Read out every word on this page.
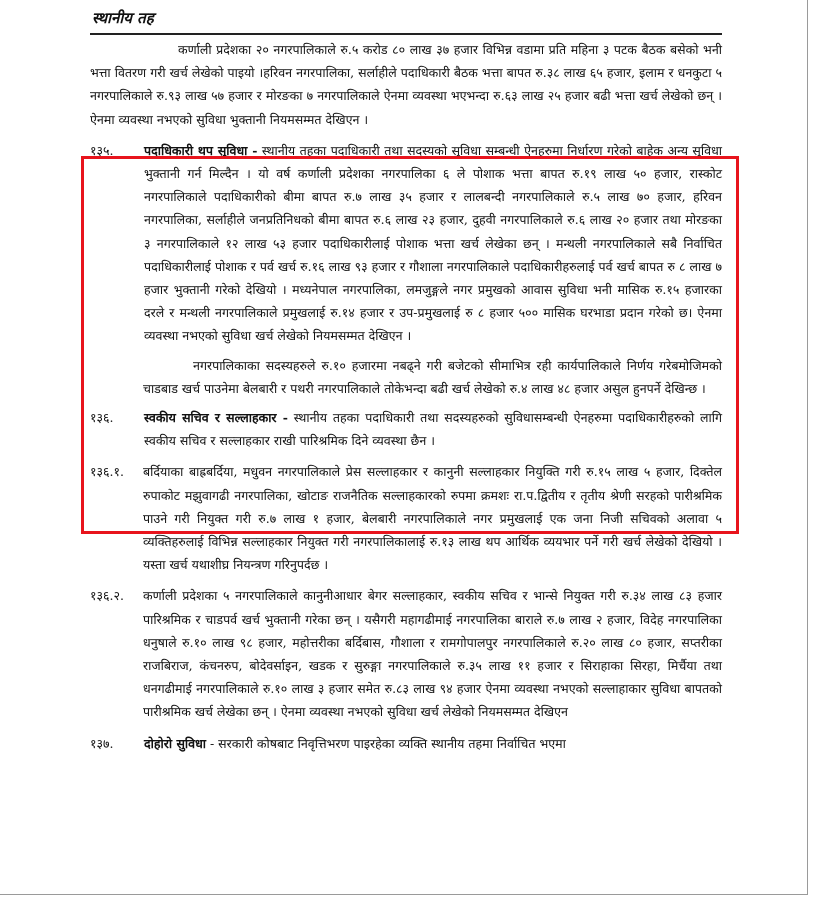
स्थानीय तह

कर्णाली प्रदेशका २० नगरपालिकाले रु.५ करोड ८० लाख ३७ हजार विभिन्न वडामा प्रति महिना ३ पटक बैठक बसेको भनी भत्ता वितरण गरी खर्च लेखेको पाइयो ।हरिवन नगरपालिका, सर्लाहीले पदाधिकारी बैठक भत्ता बापत रु.३८ लाख ६५ हजार, इलाम र धनकुटा ५ नगरपालिकाले रु.९३ लाख ५७ हजार र मोरङका ७ नगरपालिकाले ऐनमा व्यवस्था भएभन्दा रु.६३ लाख २५ हजार बढी भत्ता खर्च लेखेको छन् । ऐनमा व्यवस्था नभएको सुविधा भुक्तानी नियमसम्मत देखिएन ।

१३५.	पदाधिकारी थप सुविधा - स्थानीय तहका पदाधिकारी तथा सदस्यको सुविधा सम्बन्धी ऐनहरुमा निर्धारण गरेको बाहेक अन्य सुविधा भुक्तानी गर्न मिल्दैन । यो वर्ष कर्णाली प्रदेशका नगरपालिका ६ ले पोशाक भत्ता बापत रु.१९ लाख ५० हजार, रास्कोट नगरपालिकाले पदाधिकारीको बीमा बापत रु.७ लाख ३५ हजार र लालबन्दी नगरपालिकाले रु.५ लाख ७० हजार, हरिवन नगरपालिका, सर्लाहीले जनप्रतिनिधको बीमा बापत रु.६ लाख २३ हजार, दुहवी नगरपालिकाले रु.६ लाख २० हजार तथा मोरङका ३ नगरपालिकाले १२ लाख ५३ हजार पदाधिकारीलाई पोशाक भत्ता खर्च लेखेका छन् । मन्थली नगरपालिकाले सबै निर्वाचित पदाधिकारीलाई पोशाक र पर्व खर्च रु.१६ लाख ९३ हजार र गौशाला नगरपालिकाले पदाधिकारीहरुलाई पर्व खर्च बापत रु ८ लाख ७ हजार भुक्तानी गरेको देखियो । मध्यनेपाल नगरपालिका, लमजुङ्गले नगर प्रमुखको आवास सुविधा भनी मासिक रु.१५ हजारका दरले र मन्थली नगरपालिकाले प्रमुखलाई रु.१४ हजार र उप-प्रमुखलाई रु ८ हजार ५०० मासिक घरभाडा प्रदान गरेको छ। ऐनमा व्यवस्था नभएको सुविधा खर्च लेखेको नियमसम्मत देखिएन ।

नगरपालिकाका सदस्यहरुले रु.१० हजारमा नबढ्ने गरी बजेटको सीमाभित्र रही कार्यपालिकाले निर्णय गरेबमोजिमको चाडबाड खर्च पाउनेमा बेलबारी र पथरी नगरपालिकाले तोकेभन्दा बढी खर्च लेखेको रु.४ लाख ४८ हजार असुल हुनपर्ने देखिन्छ ।

१३६.	स्वकीय सचिव र सल्लाहकार - स्थानीय तहका पदाधिकारी तथा सदस्यहरुको सुविधासम्बन्धी ऐनहरुमा पदाधिकारीहरुको लागि स्वकीय सचिव र सल्लाहकार राखी पारिश्रमिक दिने व्यवस्था छैन ।
१३६.१.	बर्दियाका बाह्रबर्दिया, मधुवन नगरपालिकाले प्रेस सल्लाहकार र कानुनी सल्लाहकार नियुक्ति गरी रु.१५ लाख ५ हजार, दिक्तेल रुपाकोट मझुवागढी नगरपालिका, खोटाङ राजनैतिक सल्लाहकारको रुपमा क्रमशः रा.प.द्वितीय र तृतीय श्रेणी सरहको पारीश्रमिक पाउने गरी नियुक्त गरी रु.७ लाख १ हजार, बेलबारी नगरपालिकाले नगर प्रमुखलाई एक जना निजी सचिवको अलावा ५ व्यक्तिहरुलाई विभिन्न सल्लाहकार नियुक्त गरी नगरपालिकालाई रु.१३ लाख थप आर्थिक व्ययभार पर्ने गरी खर्च लेखेको देखियो । यस्ता खर्च यथाशीघ्र नियन्त्रण गरिनुपर्दछ ।
१३६.२.	कर्णाली प्रदेशका ५ नगरपालिकाले कानुनीआधार बेगर सल्लाहकार, स्वकीय सचिव र भान्से नियुक्त गरी रु.३४ लाख ८३ हजार पारिश्रमिक र चाडपर्व खर्च भुक्तानी गरेका छन् । यसैगरी महागढीमाई नगरपालिका बाराले रु.७ लाख २ हजार, विदेह नगरपालिका धनुषाले रु.१० लाख ९८ हजार, महोत्तरीका बर्दिबास, गौशाला र रामगोपालपुर नगरपालिकाले रु.२० लाख ८० हजार, सप्तरीका राजबिराज, कंचनरुप, बोदेवर्साइन, खडक र सुरुङ्गा नगरपालिकाले रु.३५ लाख ११ हजार र सिराहाका सिरहा, मिर्चैया तथा धनगढीमाई नगरपालिकाले रु.१० लाख ३ हजार समेत रु.८३ लाख ९४ हजार ऐनमा व्यवस्था नभएको सल्लाहाकार सुविधा बापतको पारीश्रमिक खर्च लेखेका छन् । ऐनमा व्यवस्था नभएको सुविधा खर्च लेखेको नियमसम्मत देखिएन
१३७.	दोहोरो सुविधा - सरकारी कोषबाट निवृत्तिभरण पाइरहेका व्यक्ति स्थानीय तहमा निर्वाचित भएमा
